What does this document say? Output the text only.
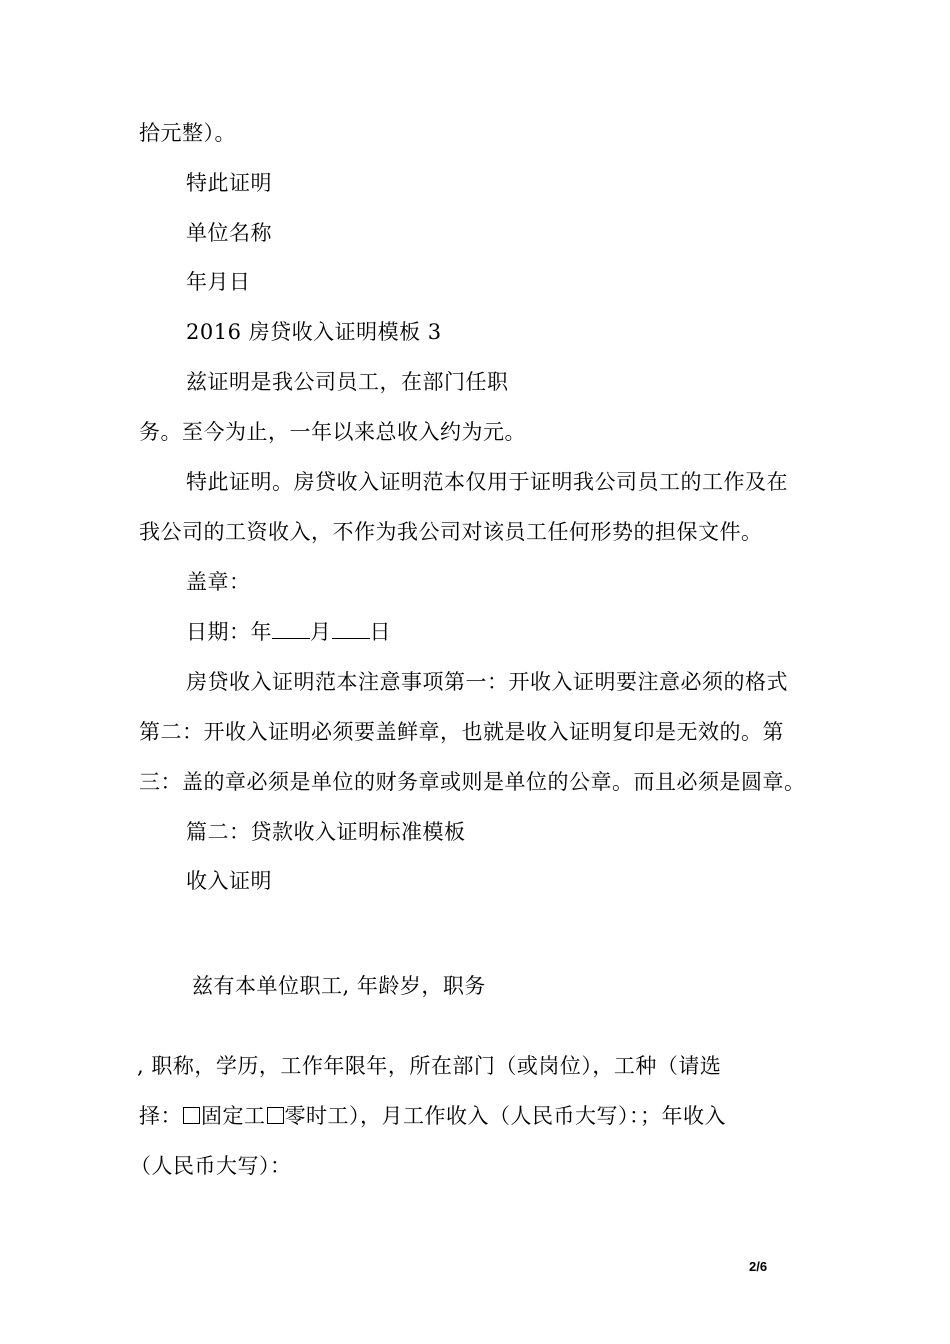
拾元整）。
特此证明
单位名称
年月日
2016 房贷收入证明模板 3
兹证明是我公司员工，在部门任职
务。至今为止，一年以来总收入约为元。
特此证明。房贷收入证明范本仅用于证明我公司员工的工作及在
我公司的工资收入，不作为我公司对该员工任何形势的担保文件。
盖章：
日期：年 月 日
房贷收入证明范本注意事项第一：开收入证明要注意必须的格式
第二：开收入证明必须要盖鲜章，也就是收入证明复印是无效的。第
三：盖的章必须是单位的财务章或则是单位的公章。而且必须是圆章。
篇二：贷款收入证明标准模板
收入证明
兹有本单位职工, 年龄岁，职务
, 职称，学历，工作年限年，所在部门（或岗位），工种（请选
择： 固定工 零时工），月工作收入（人民币大写）：；年收入
（人民币大写）：
2/6
